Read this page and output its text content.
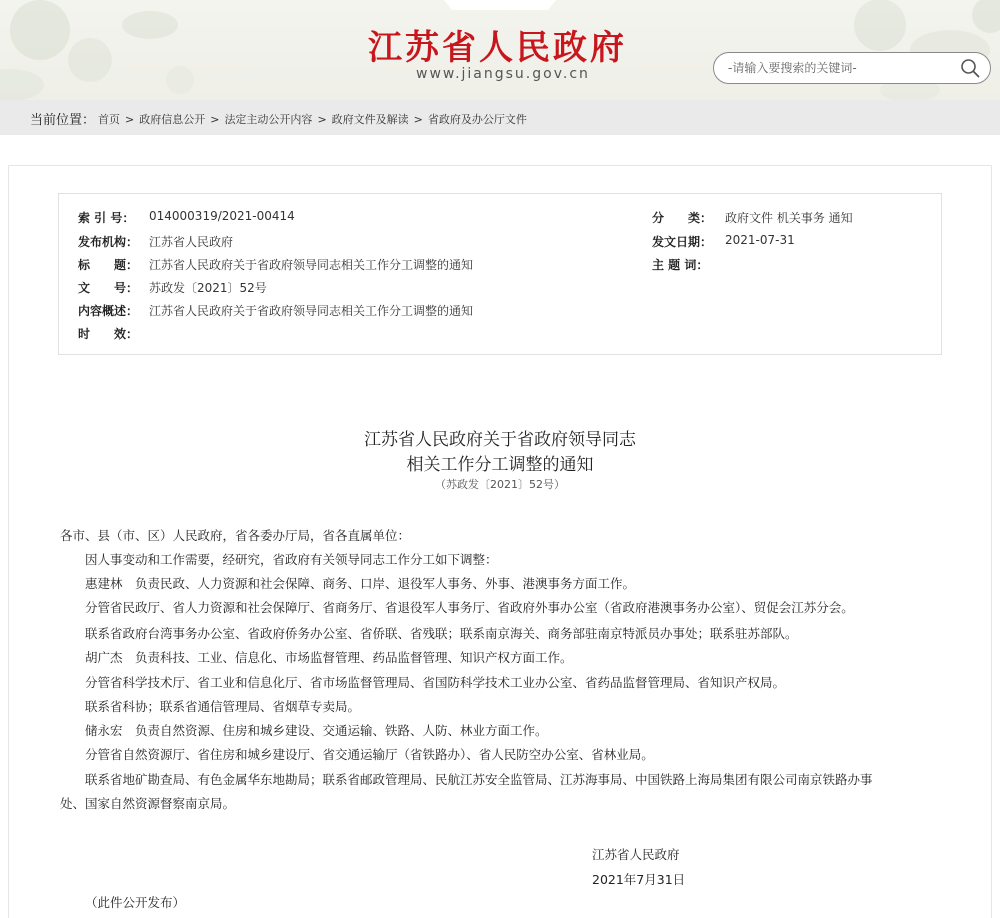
江苏省人民政府
www.jiangsu.gov.cn
-请输入要搜索的关键词-
当前位置： 首页 > 政府信息公开 > 法定主动公开内容 > 政府文件及解读 > 省政府及办公厅文件
索 引 号： 014000319/2021-00414	分　　类： 政府文件 机关事务 通知
发布机构： 江苏省人民政府	发文日期： 2021-07-31
标　　题： 江苏省人民政府关于省政府领导同志相关工作分工调整的通知	主 题 词：
文　　号： 苏政发〔2021〕52号
内容概述： 江苏省人民政府关于省政府领导同志相关工作分工调整的通知
时　　效：
江苏省人民政府关于省政府领导同志
相关工作分工调整的通知
（苏政发〔2021〕52号）
各市、县（市、区）人民政府，省各委办厅局，省各直属单位：
因人事变动和工作需要，经研究，省政府有关领导同志工作分工如下调整：
惠建林　负责民政、人力资源和社会保障、商务、口岸、退役军人事务、外事、港澳事务方面工作。
分管省民政厅、省人力资源和社会保障厅、省商务厅、省退役军人事务厅、省政府外事办公室（省政府港澳事务办公室）、贸促会江苏分会。
联系省政府台湾事务办公室、省政府侨务办公室、省侨联、省残联；联系南京海关、商务部驻南京特派员办事处；联系驻苏部队。
胡广杰　负责科技、工业、信息化、市场监督管理、药品监督管理、知识产权方面工作。
分管省科学技术厅、省工业和信息化厅、省市场监督管理局、省国防科学技术工业办公室、省药品监督管理局、省知识产权局。
联系省科协；联系省通信管理局、省烟草专卖局。
储永宏　负责自然资源、住房和城乡建设、交通运输、铁路、人防、林业方面工作。
分管省自然资源厅、省住房和城乡建设厅、省交通运输厅（省铁路办）、省人民防空办公室、省林业局。
联系省地矿勘查局、有色金属华东地勘局；联系省邮政管理局、民航江苏安全监管局、江苏海事局、中国铁路上海局集团有限公司南京铁路办事
处、国家自然资源督察南京局。
江苏省人民政府
2021年7月31日
（此件公开发布）
